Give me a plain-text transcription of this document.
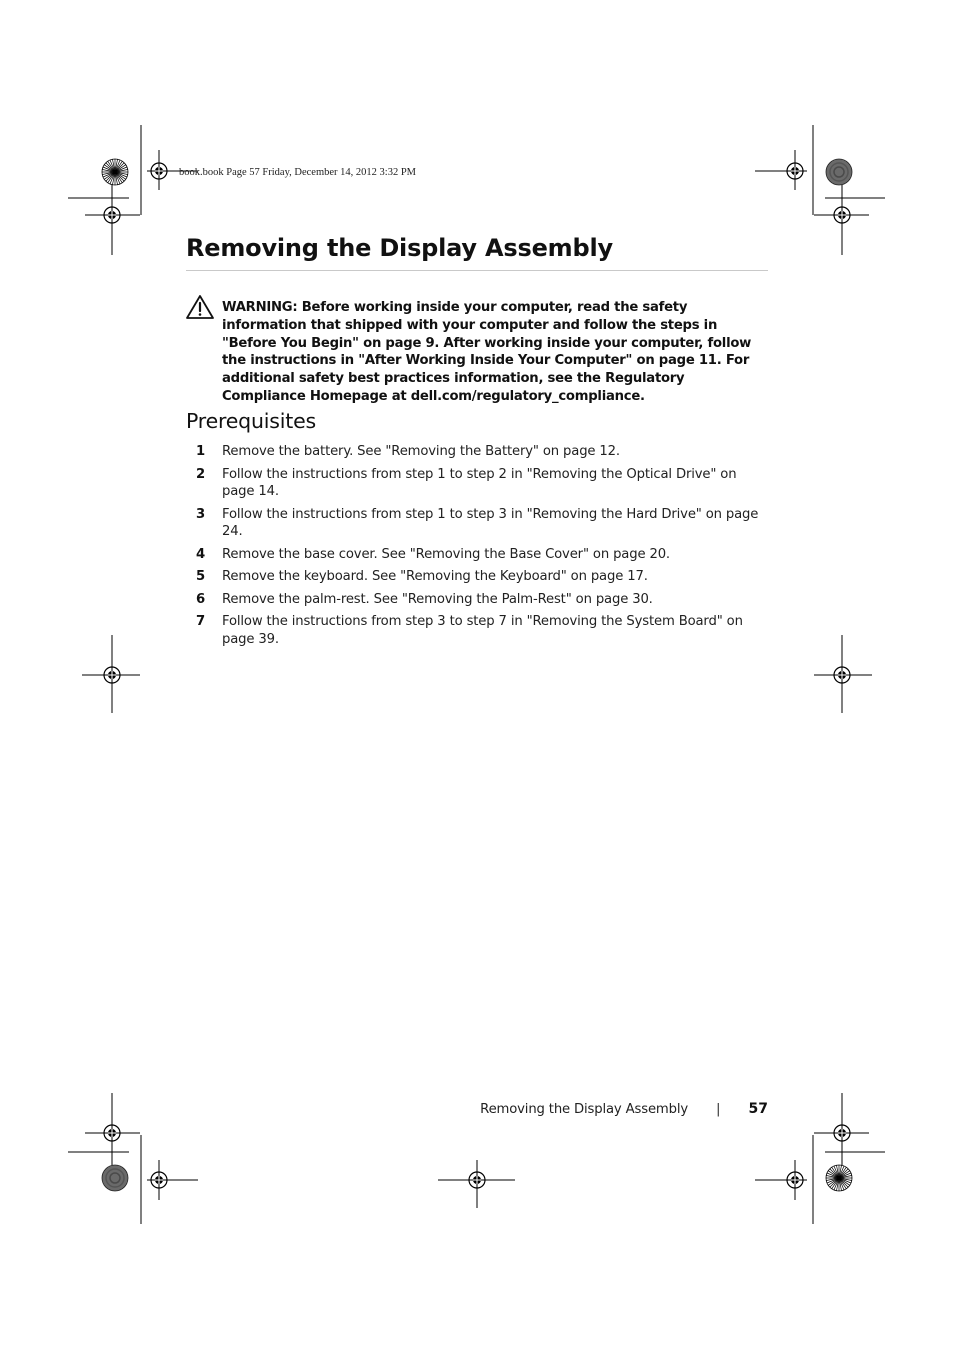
book.book Page 57 Friday, December 14, 2012 3:32 PM
Removing the Display Assembly
WARNING: Before working inside your computer, read the safety information that shipped with your computer and follow the steps in "Before You Begin" on page 9. After working inside your computer, follow the instructions in "After Working Inside Your Computer" on page 11. For additional safety best practices information, see the Regulatory Compliance Homepage at dell.com/regulatory_compliance.
Prerequisites
1 Remove the battery. See "Removing the Battery" on page 12.
2 Follow the instructions from step 1 to step 2 in "Removing the Optical Drive" on page 14.
3 Follow the instructions from step 1 to step 3 in "Removing the Hard Drive" on page 24.
4 Remove the base cover. See "Removing the Base Cover" on page 20.
5 Remove the keyboard. See "Removing the Keyboard" on page 17.
6 Remove the palm-rest. See "Removing the Palm-Rest" on page 30.
7 Follow the instructions from step 3 to step 7 in "Removing the System Board" on page 39.
Removing the Display Assembly | 57
